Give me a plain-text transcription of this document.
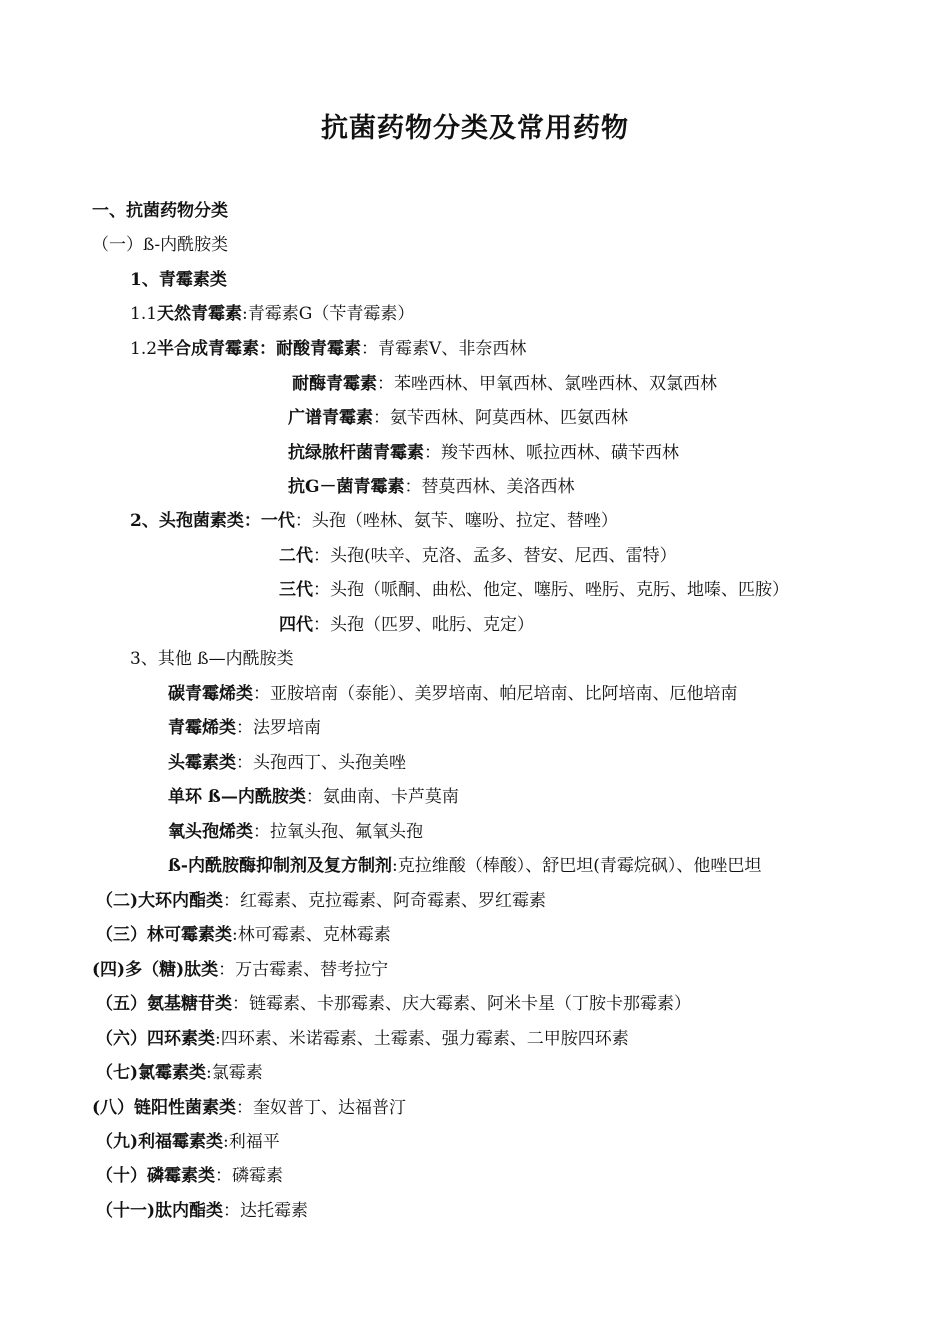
抗菌药物分类及常用药物
一、抗菌药物分类
（一）ß-内酰胺类
1、青霉素类
1.1天然青霉素:青霉素G（苄青霉素）
1.2半合成青霉素：耐酸青霉素：青霉素V、非奈西林
耐酶青霉素：苯唑西林、甲氧西林、氯唑西林、双氯西林
广谱青霉素：氨苄西林、阿莫西林、匹氨西林
抗绿脓杆菌青霉素：羧苄西林、哌拉西林、磺苄西林
抗G－菌青霉素：替莫西林、美洛西林
2、头孢菌素类：一代：头孢（唑林、氨苄、噻吩、拉定、替唑）
二代：头孢(呋辛、克洛、孟多、替安、尼西、雷特）
三代：头孢（哌酮、曲松、他定、噻肟、唑肟、克肟、地嗪、匹胺）
四代：头孢（匹罗、吡肟、克定）
3、其他 ß—内酰胺类
碳青霉烯类：亚胺培南（泰能）、美罗培南、帕尼培南、比阿培南、厄他培南
青霉烯类：法罗培南
头霉素类：头孢西丁、头孢美唑
单环 ß—内酰胺类：氨曲南、卡芦莫南
氧头孢烯类：拉氧头孢、氟氧头孢
ß-内酰胺酶抑制剂及复方制剂:克拉维酸（棒酸）、舒巴坦(青霉烷砜）、他唑巴坦
（二)大环内酯类：红霉素、克拉霉素、阿奇霉素、罗红霉素
（三）林可霉素类:林可霉素、克林霉素
(四)多（糖)肽类：万古霉素、替考拉宁
（五）氨基糖苷类：链霉素、卡那霉素、庆大霉素、阿米卡星（丁胺卡那霉素）
（六）四环素类:四环素、米诺霉素、土霉素、强力霉素、二甲胺四环素
（七)氯霉素类:氯霉素
(八）链阳性菌素类：奎奴普丁、达福普汀
（九)利福霉素类:利福平
（十）磷霉素类：磷霉素
（十一)肽内酯类：达托霉素
